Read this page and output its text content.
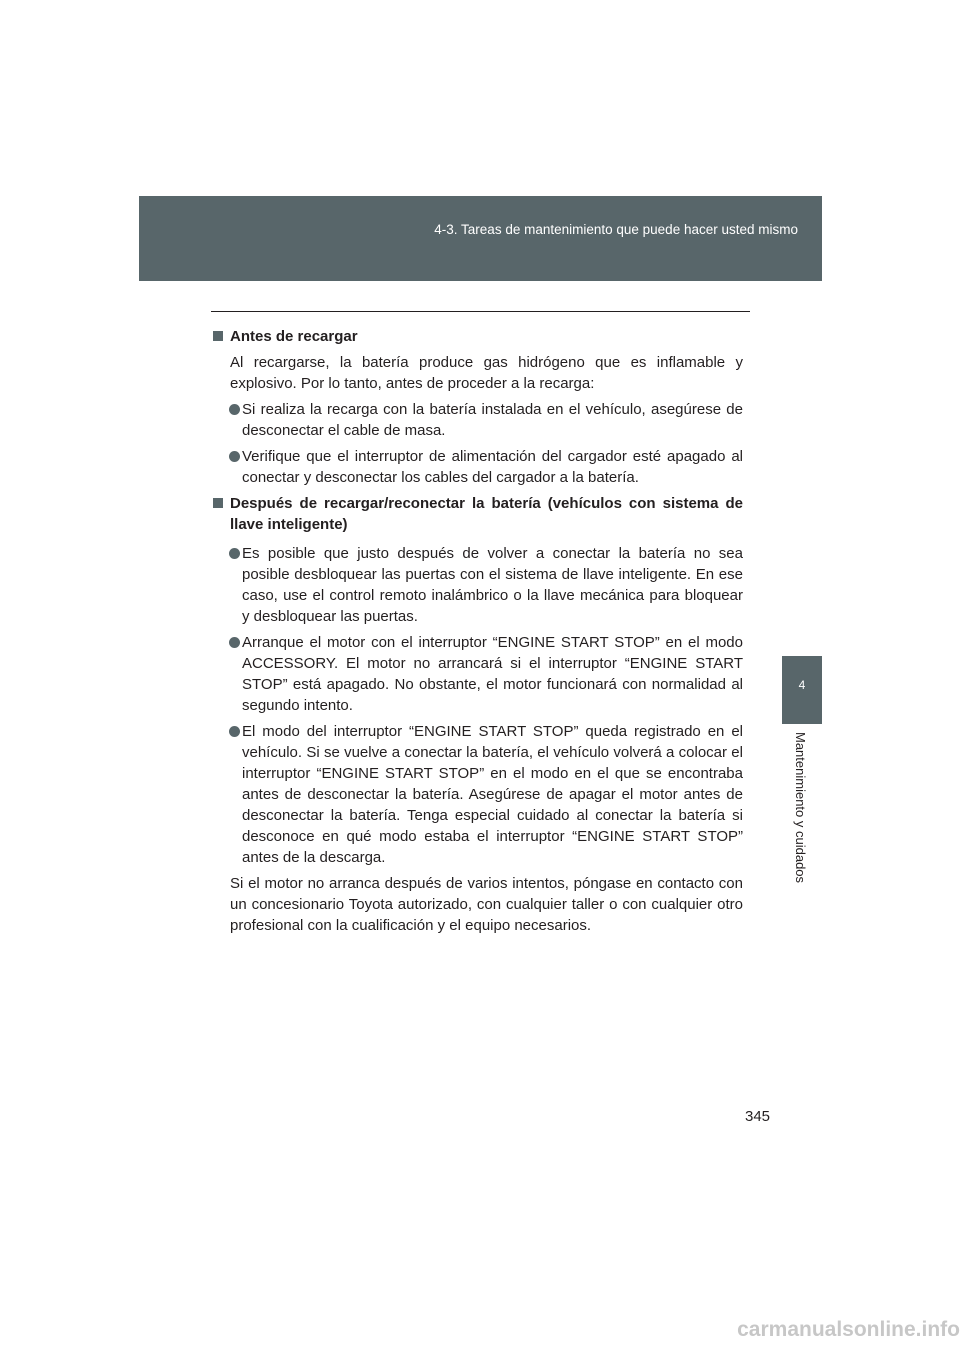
4-3. Tareas de mantenimiento que puede hacer usted mismo
4
Mantenimiento y cuidados
Antes de recargar
Al recargarse, la batería produce gas hidrógeno que es inflamable y explosivo. Por lo tanto, antes de proceder a la recarga:
Si realiza la recarga con la batería instalada en el vehículo, asegúrese de desconectar el cable de masa.
Verifique que el interruptor de alimentación del cargador esté apagado al conectar y desconectar los cables del cargador a la batería.
Después de recargar/reconectar la batería (vehículos con sistema de llave inteligente)
Es posible que justo después de volver a conectar la batería no sea posible desbloquear las puertas con el sistema de llave inteligente. En ese caso, use el control remoto inalámbrico o la llave mecánica para bloquear y desbloquear las puertas.
Arranque el motor con el interruptor “ENGINE START STOP” en el modo ACCESSORY. El motor no arrancará si el interruptor “ENGINE START STOP” está apagado. No obstante, el motor funcionará con normalidad al segundo intento.
El modo del interruptor “ENGINE START STOP” queda registrado en el vehículo. Si se vuelve a conectar la batería, el vehículo volverá a colocar el interruptor “ENGINE START STOP” en el modo en el que se encontraba antes de desconectar la batería. Asegúrese de apagar el motor antes de desconectar la batería. Tenga especial cuidado al conectar la batería si desconoce en qué modo estaba el interruptor “ENGINE START STOP” antes de la descarga.
Si el motor no arranca después de varios intentos, póngase en contacto con un concesionario Toyota autorizado, con cualquier taller o con cualquier otro profesional con la cualificación y el equipo necesarios.
345
carmanualsonline.info
